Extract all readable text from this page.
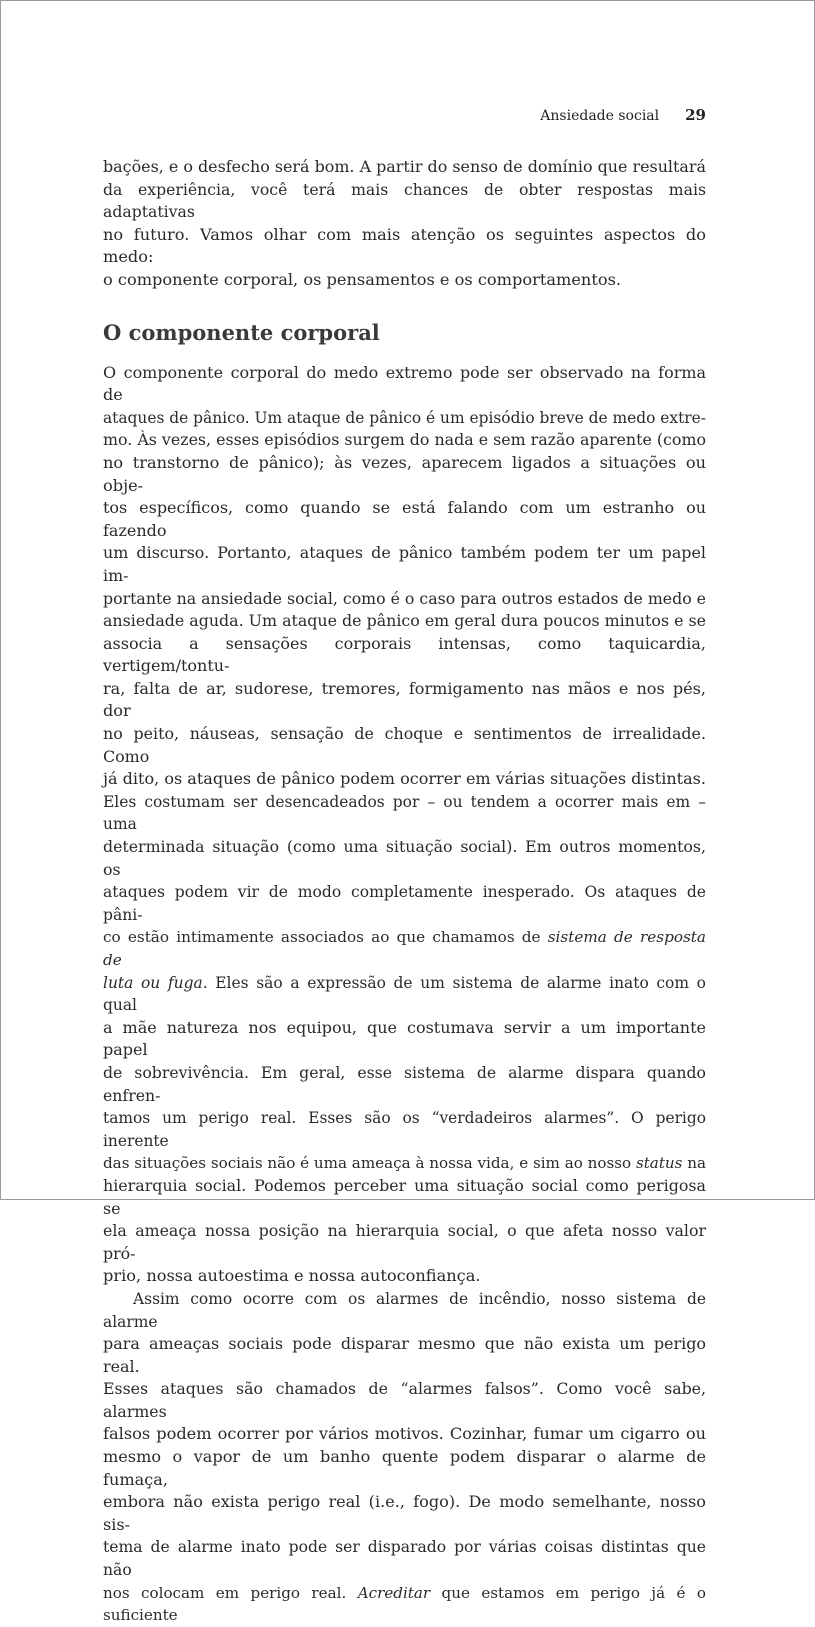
Ansiedade social 29
bações, e o desfecho será bom. A partir do senso de domínio que resultará
da experiência, você terá mais chances de obter respostas mais adaptativas
no futuro. Vamos olhar com mais atenção os seguintes aspectos do medo:
o componente corporal, os pensamentos e os comportamentos.
O componente corporal
O componente corporal do medo extremo pode ser observado na forma de
ataques de pânico. Um ataque de pânico é um episódio breve de medo extre-
mo. Às vezes, esses episódios surgem do nada e sem razão aparente (como
no transtorno de pânico); às vezes, aparecem ligados a situações ou obje-
tos específicos, como quando se está falando com um estranho ou fazendo
um discurso. Portanto, ataques de pânico também podem ter um papel im-
portante na ansiedade social, como é o caso para outros estados de medo e
ansiedade aguda. Um ataque de pânico em geral dura poucos minutos e se
associa a sensações corporais intensas, como taquicardia, vertigem/tontu-
ra, falta de ar, sudorese, tremores, formigamento nas mãos e nos pés, dor
no peito, náuseas, sensação de choque e sentimentos de irrealidade. Como
já dito, os ataques de pânico podem ocorrer em várias situações distintas.
Eles costumam ser desencadeados por – ou tendem a ocorrer mais em – uma
determinada situação (como uma situação social). Em outros momentos, os
ataques podem vir de modo completamente inesperado. Os ataques de pâni-
co estão intimamente associados ao que chamamos de sistema de resposta de
luta ou fuga. Eles são a expressão de um sistema de alarme inato com o qual
a mãe natureza nos equipou, que costumava servir a um importante papel
de sobrevivência. Em geral, esse sistema de alarme dispara quando enfren-
tamos um perigo real. Esses são os “verdadeiros alarmes”. O perigo inerente
das situações sociais não é uma ameaça à nossa vida, e sim ao nosso status na
hierarquia social. Podemos perceber uma situação social como perigosa se
ela ameaça nossa posição na hierarquia social, o que afeta nosso valor pró-
prio, nossa autoestima e nossa autoconfiança.
Assim como ocorre com os alarmes de incêndio, nosso sistema de alarme
para ameaças sociais pode disparar mesmo que não exista um perigo real.
Esses ataques são chamados de “alarmes falsos”. Como você sabe, alarmes
falsos podem ocorrer por vários motivos. Cozinhar, fumar um cigarro ou
mesmo o vapor de um banho quente podem disparar o alarme de fumaça,
embora não exista perigo real (i.e., fogo). De modo semelhante, nosso sis-
tema de alarme inato pode ser disparado por várias coisas distintas que não
nos colocam em perigo real. Acreditar que estamos em perigo já é o suficiente
